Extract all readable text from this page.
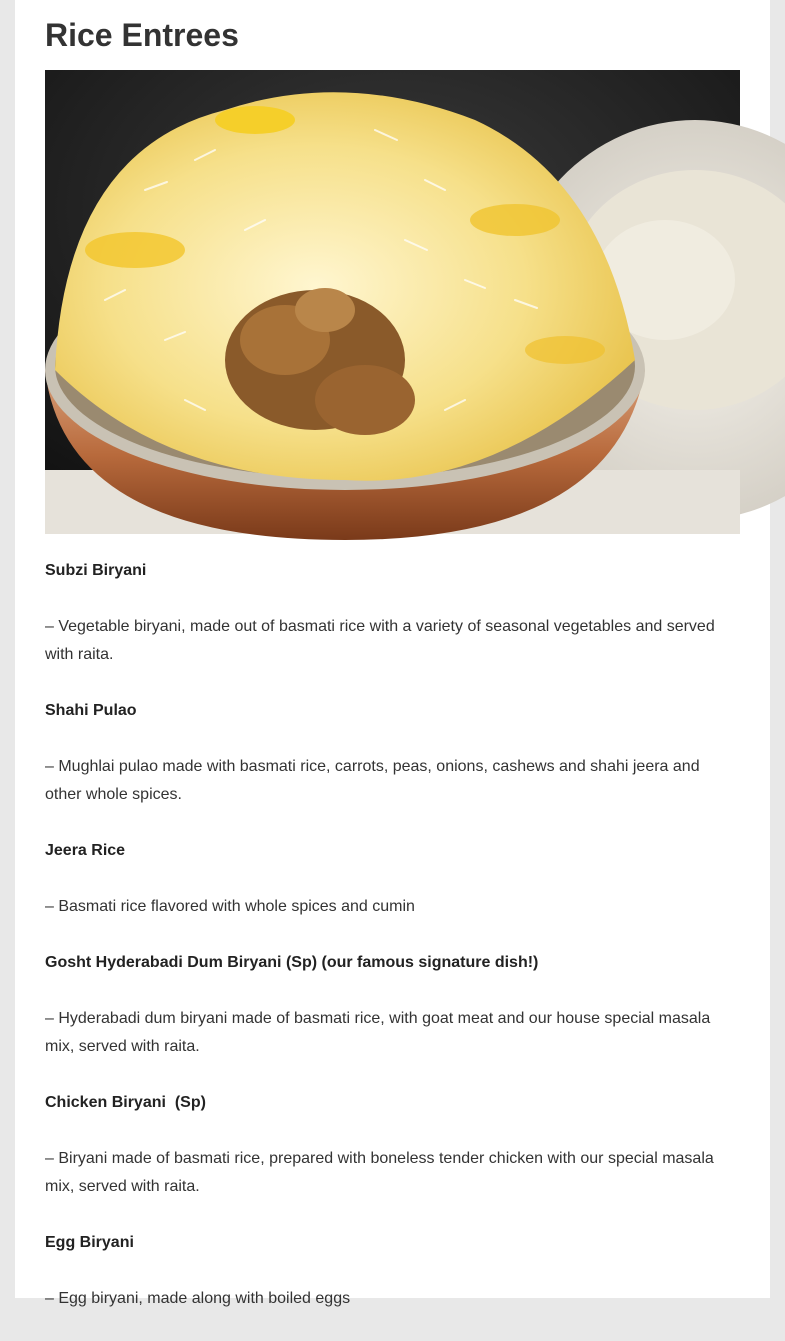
Rice Entrees

Subzi Biryani

– Vegetable biryani, made out of basmati rice with a variety of seasonal vegetables and served with raita.

Shahi Pulao

– Mughlai pulao made with basmati rice, carrots, peas, onions, cashews and shahi jeera and other whole spices.

Jeera Rice

– Basmati rice flavored with whole spices and cumin

Gosht Hyderabadi Dum Biryani (Sp) (our famous signature dish!)

– Hyderabadi dum biryani made of basmati rice, with goat meat and our house special masala mix, served with raita.

Chicken Biryani  (Sp)

– Biryani made of basmati rice, prepared with boneless tender chicken with our special masala mix, served with raita.

Egg Biryani

– Egg biryani, made along with boiled eggs
